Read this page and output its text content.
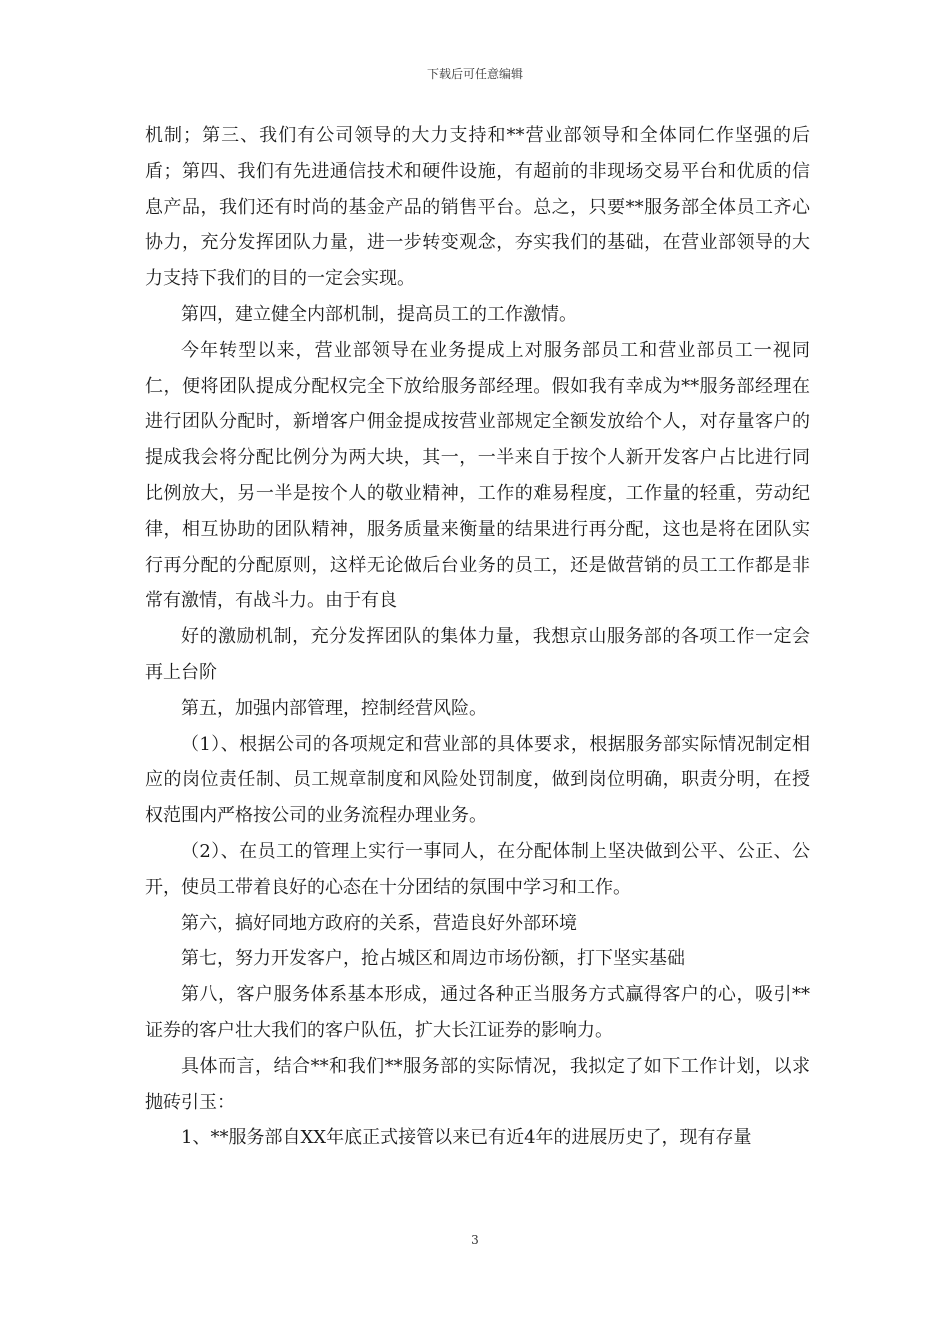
下载后可任意编辑

机制；第三、我们有公司领导的大力支持和**营业部领导和全体同仁作坚强的后盾；第四、我们有先进通信技术和硬件设施，有超前的非现场交易平台和优质的信息产品，我们还有时尚的基金产品的销售平台。总之，只要**服务部全体员工齐心协力，充分发挥团队力量，进一步转变观念，夯实我们的基础，在营业部领导的大力支持下我们的目的一定会实现。

第四，建立健全内部机制，提高员工的工作激情。

今年转型以来，营业部领导在业务提成上对服务部员工和营业部员工一视同仁，便将团队提成分配权完全下放给服务部经理。假如我有幸成为**服务部经理在进行团队分配时，新增客户佣金提成按营业部规定全额发放给个人，对存量客户的提成我会将分配比例分为两大块，其一，一半来自于按个人新开发客户占比进行同比例放大，另一半是按个人的敬业精神，工作的难易程度，工作量的轻重，劳动纪律，相互协助的团队精神，服务质量来衡量的结果进行再分配，这也是将在团队实行再分配的分配原则，这样无论做后台业务的员工，还是做营销的员工工作都是非常有激情，有战斗力。由于有良

好的激励机制，充分发挥团队的集体力量，我想京山服务部的各项工作一定会再上台阶

第五，加强内部管理，控制经营风险。

（1）、根据公司的各项规定和营业部的具体要求，根据服务部实际情况制定相应的岗位责任制、员工规章制度和风险处罚制度，做到岗位明确，职责分明，在授权范围内严格按公司的业务流程办理业务。

（2）、在员工的管理上实行一事同人，在分配体制上坚决做到公平、公正、公开，使员工带着良好的心态在十分团结的氛围中学习和工作。

第六，搞好同地方政府的关系，营造良好外部环境

第七，努力开发客户，抢占城区和周边市场份额，打下坚实基础

第八，客户服务体系基本形成，通过各种正当服务方式赢得客户的心，吸引**证券的客户壮大我们的客户队伍，扩大长江证券的影响力。

具体而言，结合**和我们**服务部的实际情况，我拟定了如下工作计划，以求抛砖引玉：

1、**服务部自XX年底正式接管以来已有近4年的进展历史了，现有存量

3
